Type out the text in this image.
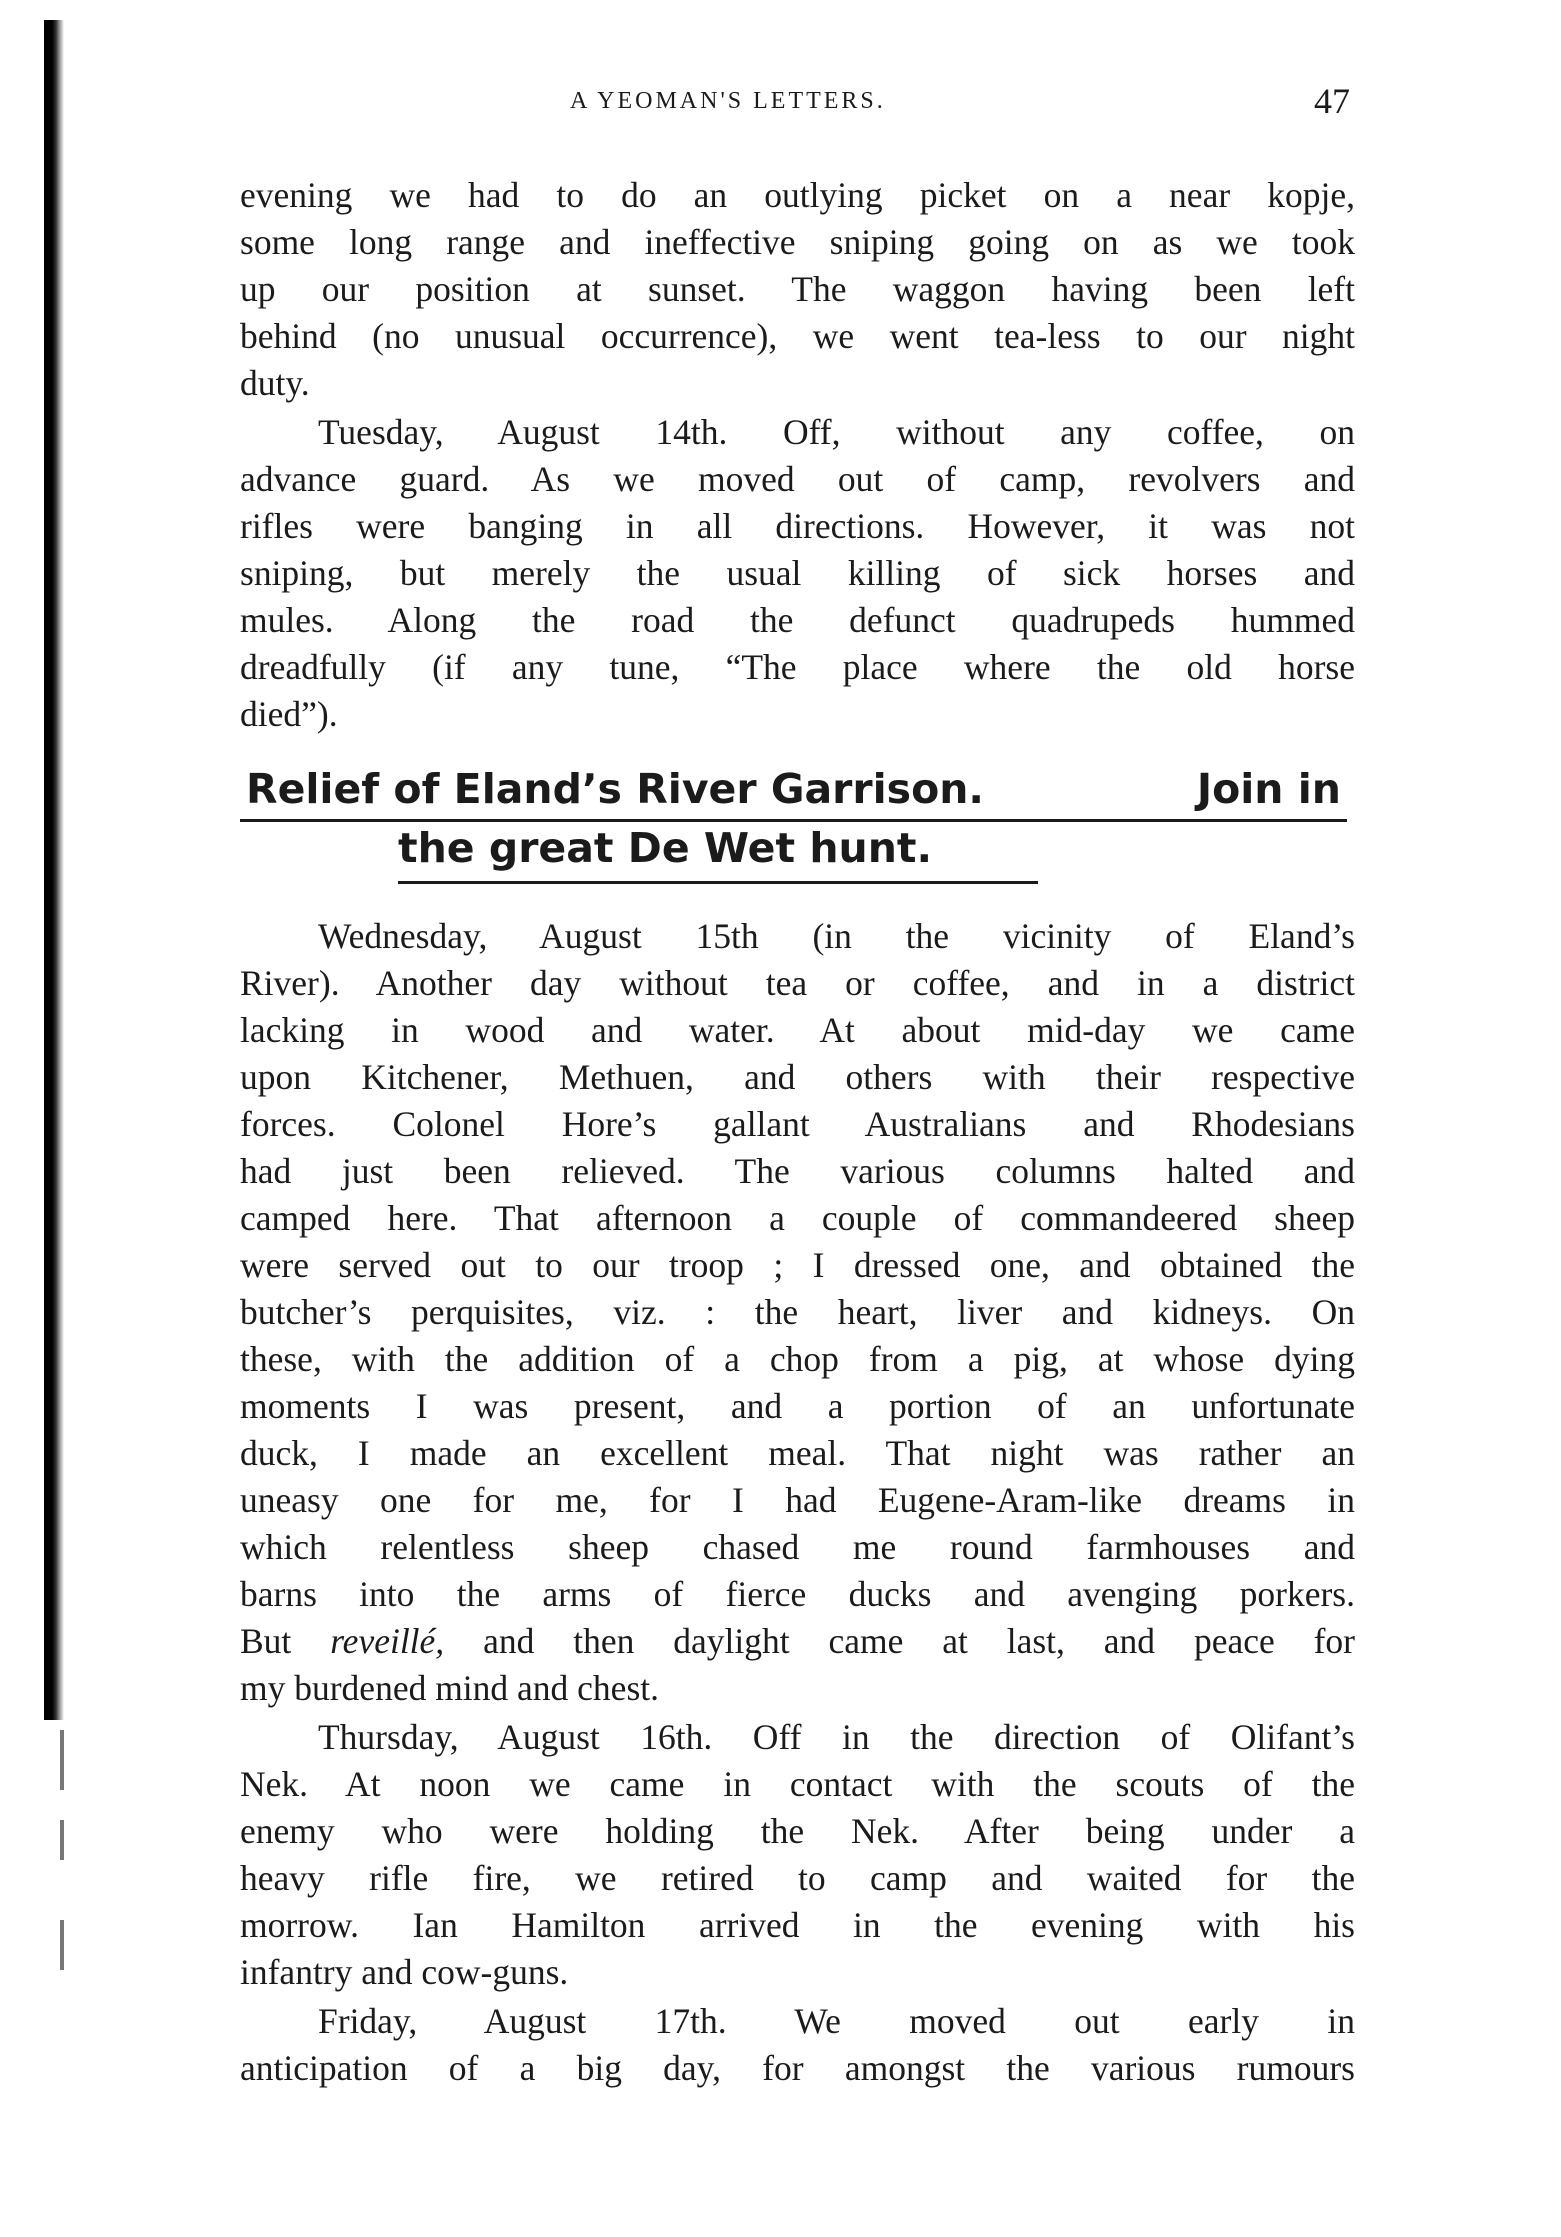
A YEOMAN'S LETTERS.	47
evening we had to do an outlying picket on a near kopje,
some long range and ineffective sniping going on as we took
up our position at sunset. The waggon having been left
behind (no unusual occurrence), we went tea-less to our night
duty.
Tuesday, August 14th. Off, without any coffee, on
advance guard. As we moved out of camp, revolvers and
rifles were banging in all directions. However, it was not
sniping, but merely the usual killing of sick horses and
mules. Along the road the defunct quadrupeds hummed
dreadfully (if any tune, “The place where the old horse
died”).
Relief of Eland’s River Garrison.	Join in
the great De Wet hunt.
Wednesday, August 15th (in the vicinity of Eland’s
River). Another day without tea or coffee, and in a district
lacking in wood and water. At about mid-day we came
upon Kitchener, Methuen, and others with their respective
forces. Colonel Hore’s gallant Australians and Rhodesians
had just been relieved. The various columns halted and
camped here. That afternoon a couple of commandeered sheep
were served out to our troop ; I dressed one, and obtained the
butcher’s perquisites, viz. : the heart, liver and kidneys. On
these, with the addition of a chop from a pig, at whose dying
moments I was present, and a portion of an unfortunate
duck, I made an excellent meal. That night was rather an
uneasy one for me, for I had Eugene-Aram-like dreams in
which relentless sheep chased me round farmhouses and
barns into the arms of fierce ducks and avenging porkers.
But reveillé, and then daylight came at last, and peace for
my burdened mind and chest.
Thursday, August 16th. Off in the direction of Olifant’s
Nek. At noon we came in contact with the scouts of the
enemy who were holding the Nek. After being under a
heavy rifle fire, we retired to camp and waited for the
morrow. Ian Hamilton arrived in the evening with his
infantry and cow-guns.
Friday, August 17th. We moved out early in
anticipation of a big day, for amongst the various rumours
